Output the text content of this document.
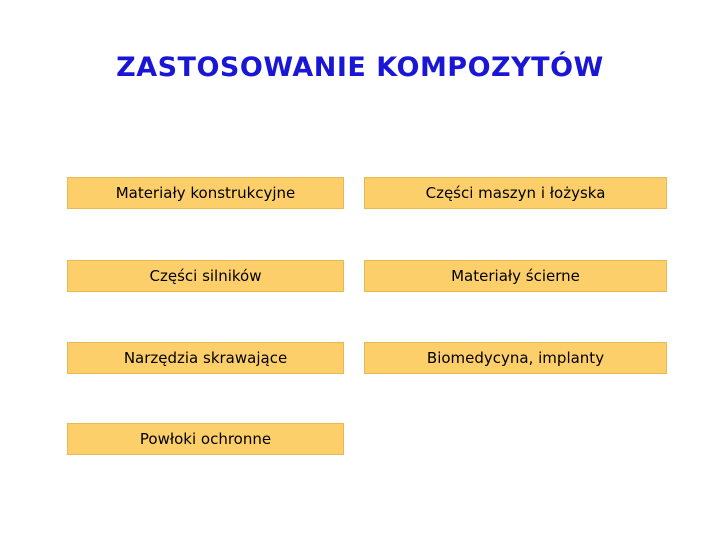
ZASTOSOWANIE KOMPOZYTÓW
Materiały konstrukcyjne	Części maszyn i łożyska
Części silników	Materiały ścierne
Narzędzia skrawające	Biomedycyna, implanty
Powłoki ochronne
